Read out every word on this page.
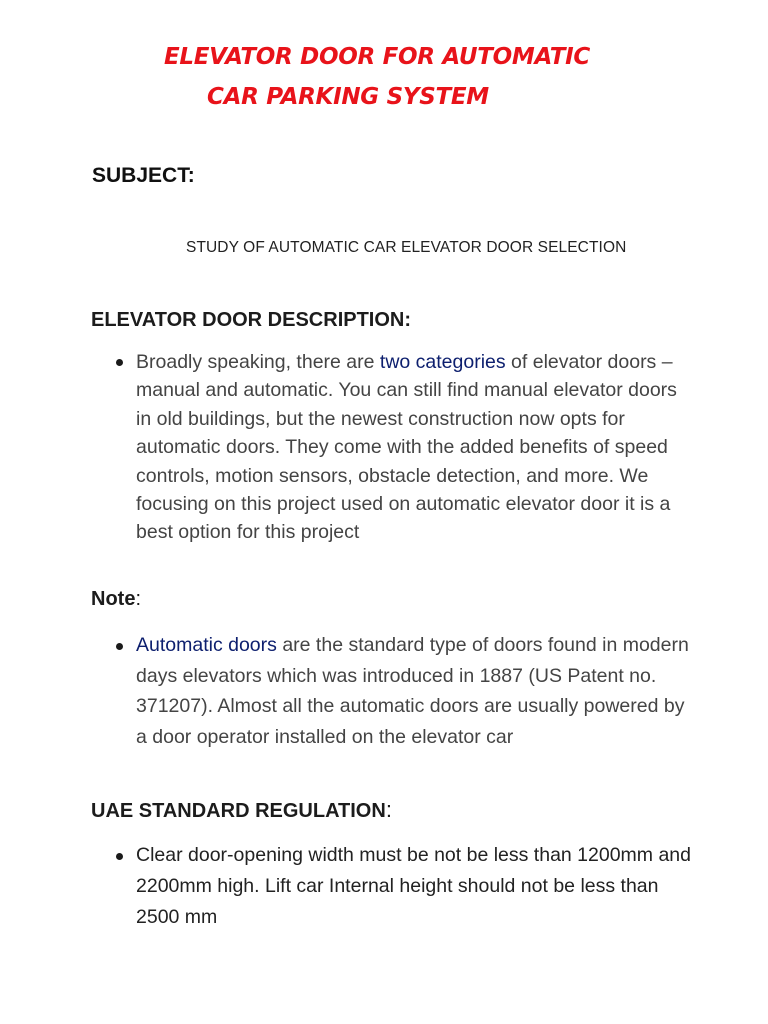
ELEVATOR DOOR FOR AUTOMATIC
CAR PARKING SYSTEM
SUBJECT:
STUDY OF AUTOMATIC CAR ELEVATOR DOOR SELECTION
ELEVATOR DOOR DESCRIPTION:
Broadly speaking, there are two categories of elevator doors – manual and automatic. You can still find manual elevator doors in old buildings, but the newest construction now opts for automatic doors. They come with the added benefits of speed controls, motion sensors, obstacle detection, and more. We focusing on this project used on automatic elevator door it is a best option for this project
Note:
Automatic doors are the standard type of doors found in modern days elevators which was introduced in 1887 (US Patent no. 371207). Almost all the automatic doors are usually powered by a door operator installed on the elevator car
UAE STANDARD REGULATION:
Clear door-opening width must be not be less than 1200mm and 2200mm high. Lift car Internal height should not be less than 2500 mm
